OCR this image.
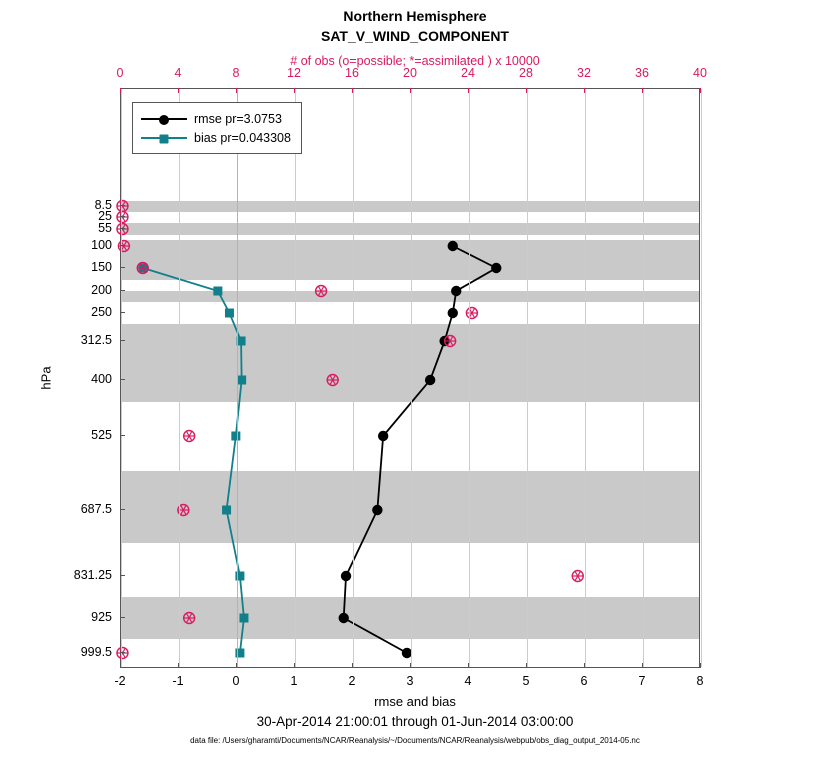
Northern Hemisphere
SAT_V_WIND_COMPONENT
# of obs (o=possible; *=assimilated ) x 10000
-2	-1	0	1	2	3	4	5	6	7	8
0	4	8	12	16	20	24	28	32	36	40
8.5
25
55
100
150
200
250
312.5
400
525
687.5
831.25
925
999.5
hPa
rmse and bias
30-Apr-2014 21:00:01 through 01-Jun-2014 03:00:00
data file: /Users/gharamti/Documents/NCAR/Reanalysis/~/Documents/NCAR/Reanalysis/webpub/obs_diag_output_2014-05.nc
rmse pr=3.0753
bias pr=0.043308
